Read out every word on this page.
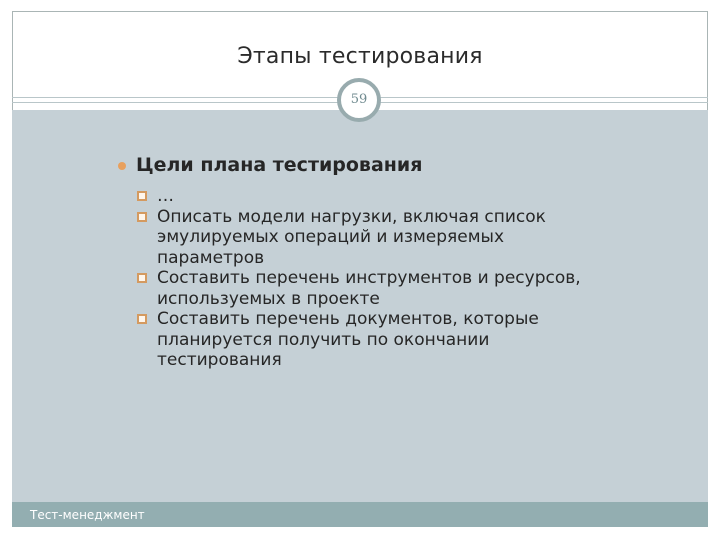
Этапы тестирования
59
Цели плана тестирования
…
Описать модели нагрузки, включая список эмулируемых операций и измеряемых параметров
Составить перечень инструментов и ресурсов, используемых в проекте
Составить перечень документов, которые планируется получить по окончании тестирования
Тест-менеджмент
